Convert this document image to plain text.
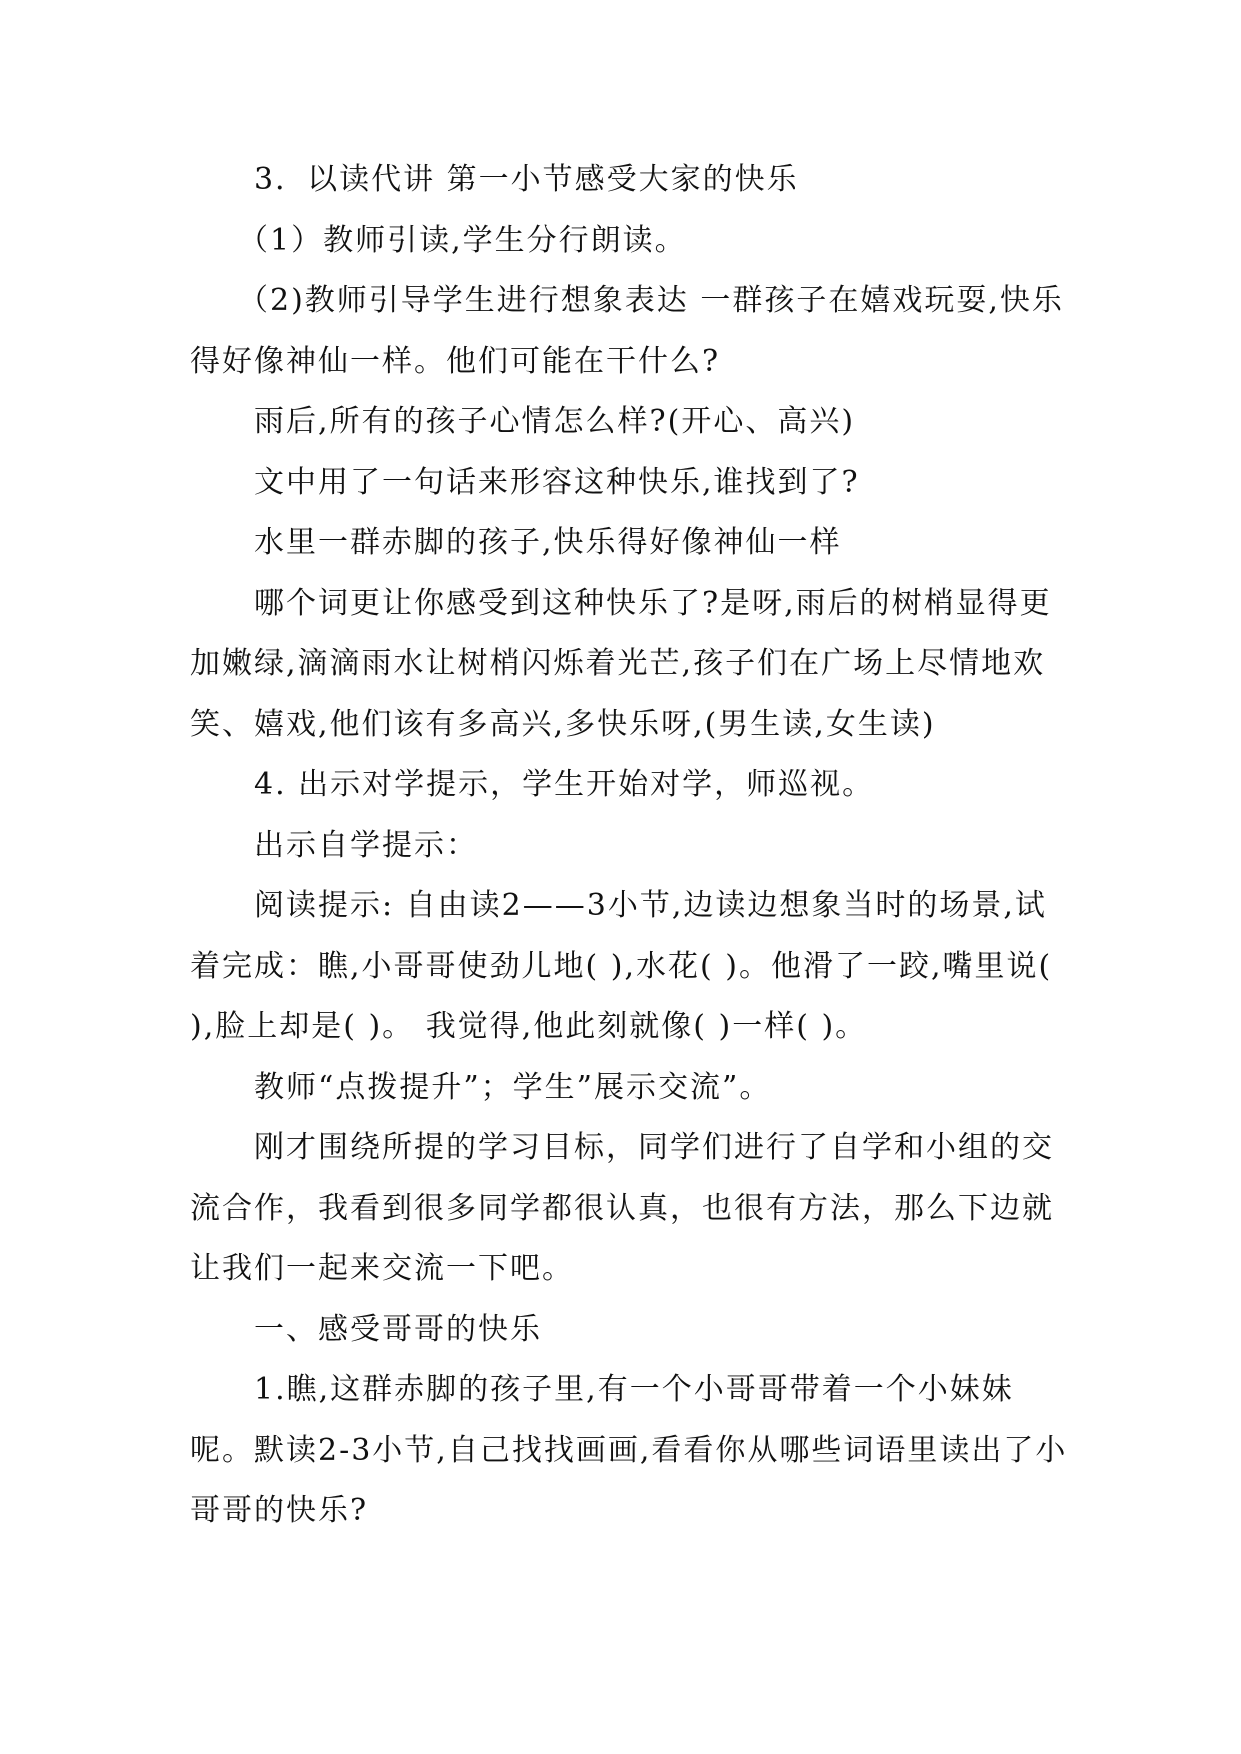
3．以读代讲 第一小节感受大家的快乐

（1）教师引读,学生分行朗读。

（2)教师引导学生进行想象表达 一群孩子在嬉戏玩耍,快乐得好像神仙一样。他们可能在干什么?

雨后,所有的孩子心情怎么样?(开心、高兴)

文中用了一句话来形容这种快乐,谁找到了?

水里一群赤脚的孩子,快乐得好像神仙一样

哪个词更让你感受到这种快乐了?是呀,雨后的树梢显得更加嫩绿,滴滴雨水让树梢闪烁着光芒,孩子们在广场上尽情地欢笑、嬉戏,他们该有多高兴,多快乐呀,(男生读,女生读)

4. 出示对学提示，学生开始对学，师巡视。

出示自学提示：

阅读提示: 自由读2——3小节,边读边想象当时的场景,试着完成：瞧,小哥哥使劲儿地( ),水花( )。他滑了一跤,嘴里说( ),脸上却是( )。 我觉得,他此刻就像( )一样( )。

教师“点拨提升”；学生”展示交流”。

刚才围绕所提的学习目标，同学们进行了自学和小组的交流合作，我看到很多同学都很认真，也很有方法，那么下边就让我们一起来交流一下吧。

一、感受哥哥的快乐

1.瞧,这群赤脚的孩子里,有一个小哥哥带着一个小妹妹呢。默读2-3小节,自己找找画画,看看你从哪些词语里读出了小哥哥的快乐?
